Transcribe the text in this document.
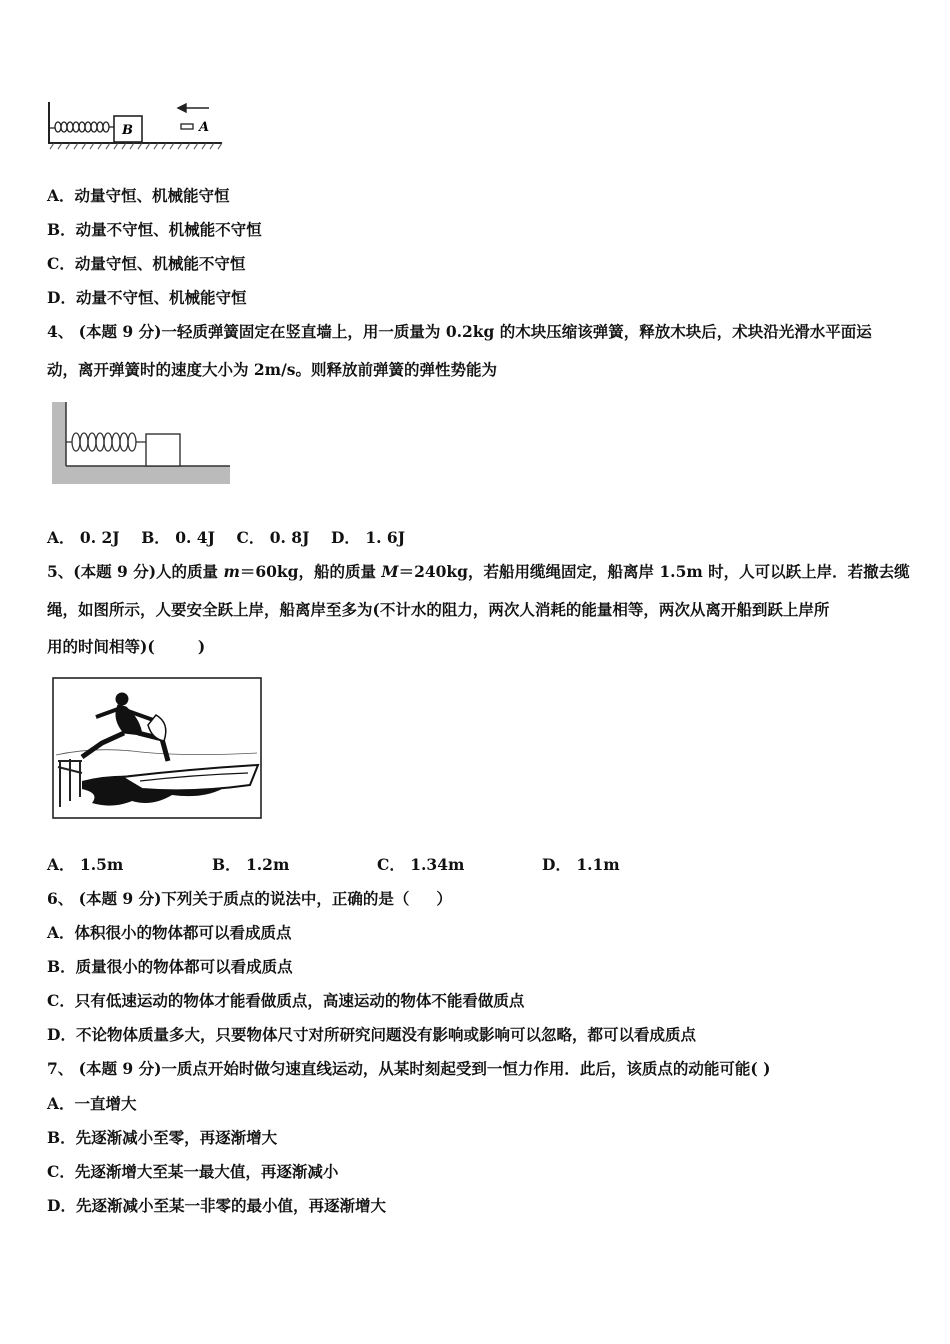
B	A
A．动量守恒、机械能守恒
B．动量不守恒、机械能不守恒
C．动量守恒、机械能不守恒
D．动量不守恒、机械能守恒
4、 (本题 9 分)一轻质弹簧固定在竖直墙上，用一质量为 0.2kg 的木块压缩该弹簧，释放木块后，术块沿光滑水平面运
动，离开弹簧时的速度大小为 2m/s。则释放前弹簧的弹性势能为
A． 0. 2J    B． 0. 4J    C． 0. 8J    D． 1. 6J
5、(本题 9 分)人的质量 m＝60kg，船的质量 M＝240kg，若船用缆绳固定，船离岸 1.5m 时，人可以跃上岸．若撤去缆
绳，如图所示，人要安全跃上岸，船离岸至多为(不计水的阻力，两次人消耗的能量相等，两次从离开船到跃上岸所
用的时间相等)(        )
A． 1.5m	B． 1.2m	C． 1.34m	D． 1.1m
6、 (本题 9 分)下列关于质点的说法中，正确的是（     ）
A．体积很小的物体都可以看成质点
B．质量很小的物体都可以看成质点
C．只有低速运动的物体才能看做质点，高速运动的物体不能看做质点
D．不论物体质量多大，只要物体尺寸对所研究问题没有影响或影响可以忽略，都可以看成质点
7、 (本题 9 分)一质点开始时做匀速直线运动，从某时刻起受到一恒力作用．此后，该质点的动能可能( )
A．一直增大
B．先逐渐减小至零，再逐渐增大
C．先逐渐增大至某一最大值，再逐渐减小
D．先逐渐减小至某一非零的最小值，再逐渐增大
